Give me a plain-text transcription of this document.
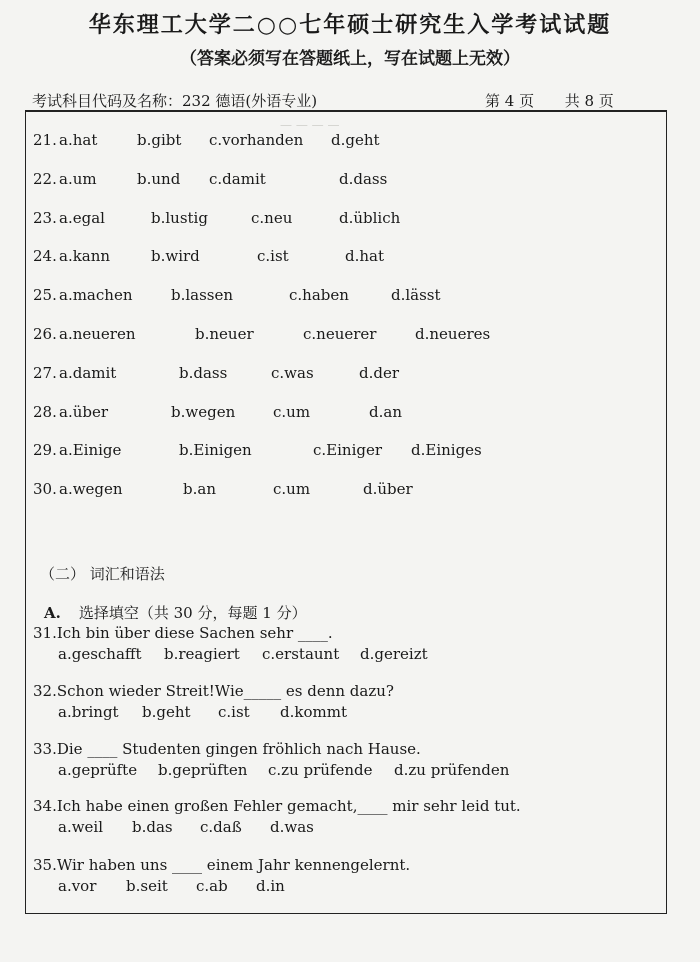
华东理工大学二○○七年硕士研究生入学考试试题
（答案必须写在答题纸上，写在试题上无效）
考试科目代码及名称：232 德语(外语专业)	第 4 页 共 8 页
— — — —
21. a.hat	b.gibt c.vorhanden d.geht
22. a.um	b.und c.damit	d.dass
23. a.egal	b.lustig	c.neu	d.üblich
24. a.kann	b.wird	c.ist	d.hat
25. a.machen	b.lassen	c.haben	d.lässt
26. a.neueren	b.neuer	c.neuerer	d.neueres
27. a.damit	b.dass	c.was	d.der
28. a.über	b.wegen	c.um	d.an
29. a.Einige	b.Einigen	c.Einiger d.Einiges
30. a.wegen	b.an	c.um	d.über
（二） 词汇和语法
A. 选择填空（共 30 分，每题 1 分）
31.Ich bin über diese Sachen sehr ____.
a.geschafft b.reagiert c.erstaunt d.gereizt
32.Schon wieder Streit!Wie_____ es denn dazu?
a.bringt b.geht c.ist d.kommt
33.Die ____ Studenten gingen fröhlich nach Hause.
a.geprüfte b.geprüften c.zu prüfende d.zu prüfenden
34.Ich habe einen großen Fehler gemacht,____ mir sehr leid tut.
a.weil b.das c.daß d.was
35.Wir haben uns ____ einem Jahr kennengelernt.
a.vor b.seit c.ab d.in
